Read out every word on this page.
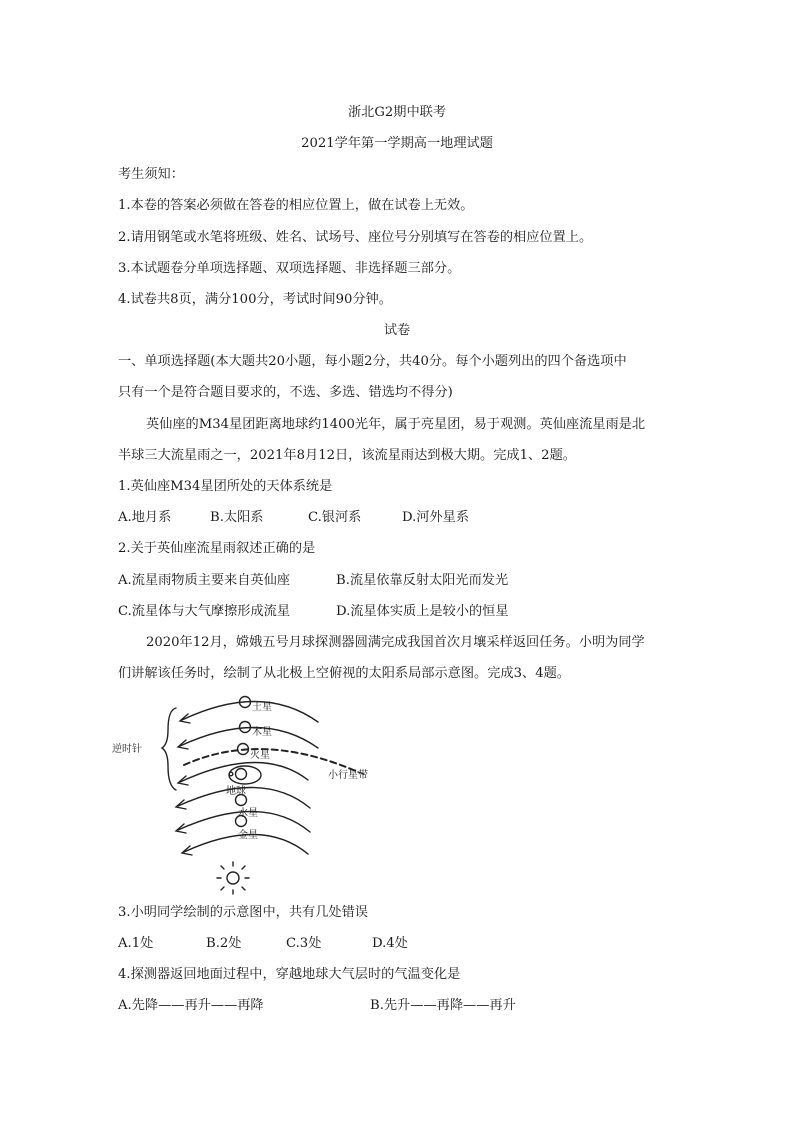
浙北G2期中联考
2021学年第一学期高一地理试题
考生须知：
1.本卷的答案必须做在答卷的相应位置上，做在试卷上无效。
2.请用钢笔或水笔将班级、姓名、试场号、座位号分别填写在答卷的相应位置上。
3.本试题卷分单项选择题、双项选择题、非选择题三部分。
4.试卷共8页，满分100分，考试时间90分钟。
试卷
一、单项选择题(本大题共20小题，每小题2分，共40分。每个小题列出的四个备选项中
只有一个是符合题目要求的，不选、多选、错选均不得分)
英仙座的M34星团距离地球约1400光年，属于亮星团，易于观测。英仙座流星雨是北
半球三大流星雨之一，2021年8月12日，该流星雨达到极大期。完成1、2题。
1.英仙座M34星团所处的天体系统是
A.地月系	B.太阳系	C.银河系	D.河外星系
2.关于英仙座流星雨叙述正确的是
A.流星雨物质主要来自英仙座	B.流星依靠反射太阳光而发光
C.流星体与大气摩擦形成流星	D.流星体实质上是较小的恒星
2020年12月，嫦娥五号月球探测器圆满完成我国首次月壤采样返回任务。小明为同学
们讲解该任务时，绘制了从北极上空俯视的太阳系局部示意图。完成3、4题。
逆时针
土星
木星
火星
地球
水星
金星
小行星带
3.小明同学绘制的示意图中，共有几处错误
A.1处	B.2处	C.3处	D.4处
4.探测器返回地面过程中，穿越地球大气层时的气温变化是
A.先降——再升——再降	B.先升——再降——再升
